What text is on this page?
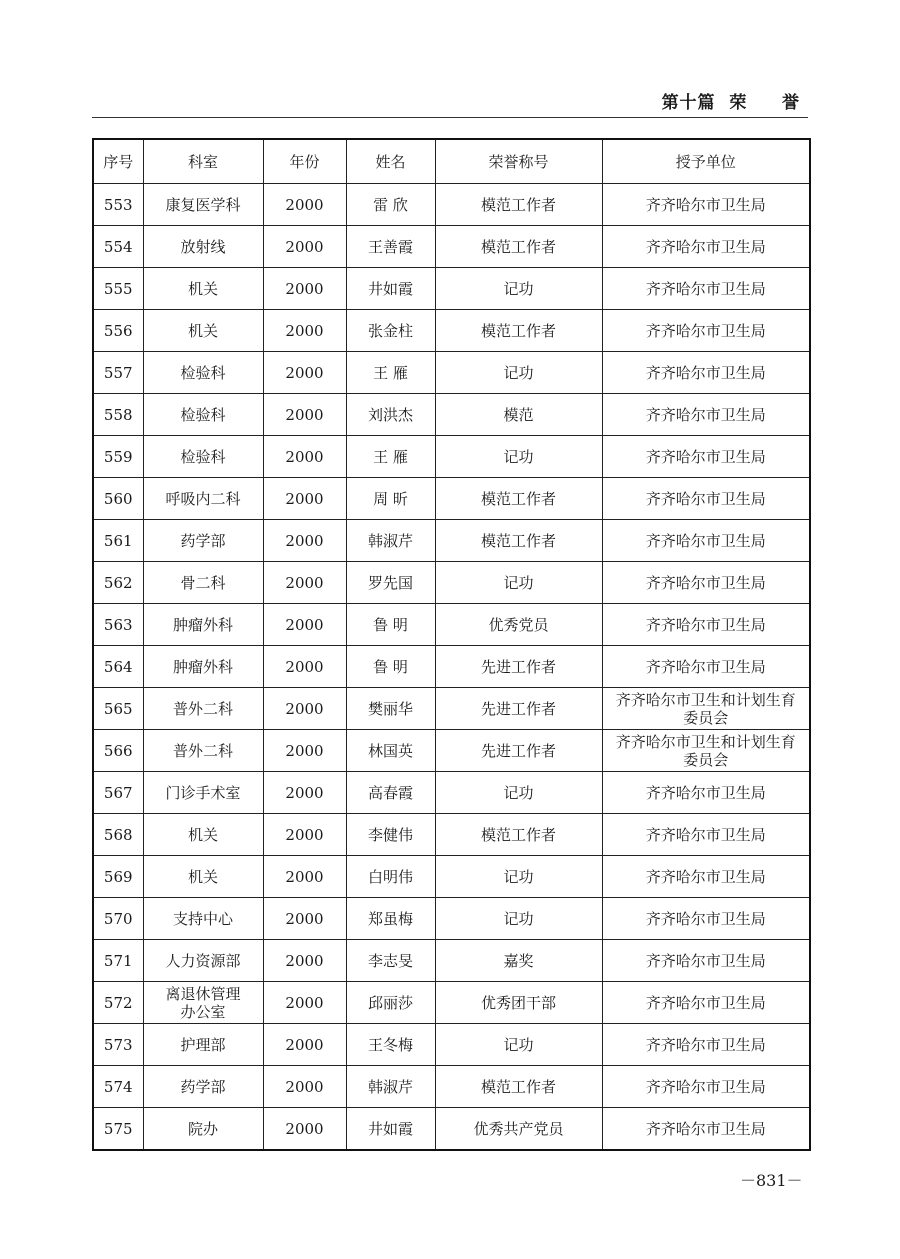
第十篇  荣     誉
序号	科室	年份	姓名	荣誉称号	授予单位
553	康复医学科	2000	雷 欣	模范工作者	齐齐哈尔市卫生局
554	放射线	2000	王善霞	模范工作者	齐齐哈尔市卫生局
555	机关	2000	井如霞	记功	齐齐哈尔市卫生局
556	机关	2000	张金柱	模范工作者	齐齐哈尔市卫生局
557	检验科	2000	王 雁	记功	齐齐哈尔市卫生局
558	检验科	2000	刘洪杰	模范	齐齐哈尔市卫生局
559	检验科	2000	王 雁	记功	齐齐哈尔市卫生局
560	呼吸内二科	2000	周 昕	模范工作者	齐齐哈尔市卫生局
561	药学部	2000	韩淑芹	模范工作者	齐齐哈尔市卫生局
562	骨二科	2000	罗先国	记功	齐齐哈尔市卫生局
563	肿瘤外科	2000	鲁 明	优秀党员	齐齐哈尔市卫生局
564	肿瘤外科	2000	鲁 明	先进工作者	齐齐哈尔市卫生局
565	普外二科	2000	樊丽华	先进工作者	齐齐哈尔市卫生和计划生育
委员会
566	普外二科	2000	林国英	先进工作者	齐齐哈尔市卫生和计划生育
委员会
567	门诊手术室	2000	高春霞	记功	齐齐哈尔市卫生局
568	机关	2000	李健伟	模范工作者	齐齐哈尔市卫生局
569	机关	2000	白明伟	记功	齐齐哈尔市卫生局
570	支持中心	2000	郑虽梅	记功	齐齐哈尔市卫生局
571	人力资源部	2000	李志旻	嘉奖	齐齐哈尔市卫生局
572	离退休管理
办公室	2000	邱丽莎	优秀团干部	齐齐哈尔市卫生局
573	护理部	2000	王冬梅	记功	齐齐哈尔市卫生局
574	药学部	2000	韩淑芹	模范工作者	齐齐哈尔市卫生局
575	院办	2000	井如霞	优秀共产党员	齐齐哈尔市卫生局
－831－
